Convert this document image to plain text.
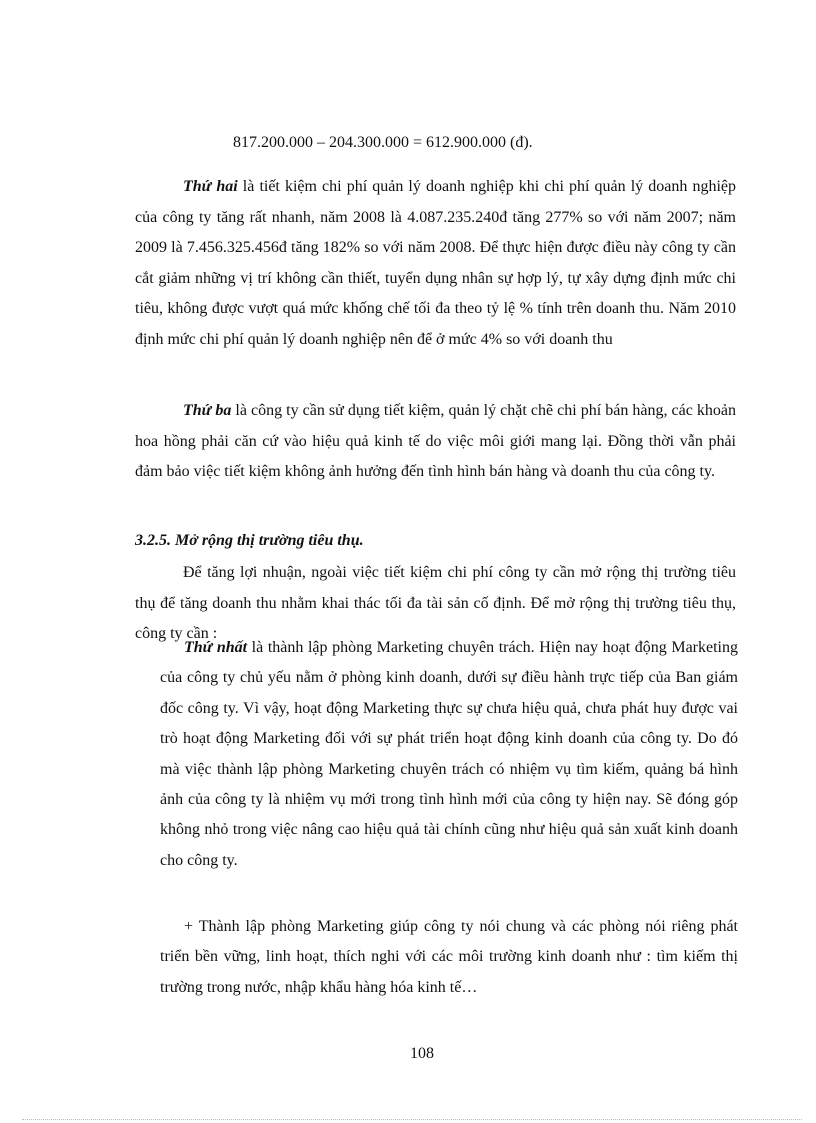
817.200.000 – 204.300.000 = 612.900.000 (đ).

Thứ hai là tiết kiệm chi phí quản lý doanh nghiệp khi chi phí quản lý doanh nghiệp của công ty tăng rất nhanh, năm 2008 là 4.087.235.240đ tăng 277% so với năm 2007; năm 2009 là 7.456.325.456đ tăng 182% so với năm 2008. Để thực hiện được điều này công ty cần cắt giảm những vị trí không cần thiết, tuyển dụng nhân sự hợp lý, tự xây dựng định mức chi tiêu, không được vượt quá mức khống chế tối đa theo tỷ lệ % tính trên doanh thu. Năm 2010 định mức chi phí quản lý doanh nghiệp nên để ở mức 4% so với doanh thu

Thứ ba là công ty cần sử dụng tiết kiệm, quản lý chặt chẽ chi phí bán hàng, các khoản hoa hồng phải căn cứ vào hiệu quả kinh tế do việc môi giới mang lại. Đồng thời vẫn phải đảm bảo việc tiết kiệm không ảnh hưởng đến tình hình bán hàng và doanh thu của công ty.

3.2.5. Mở rộng thị trường tiêu thụ.

Để tăng lợi nhuận, ngoài việc tiết kiệm chi phí công ty cần mở rộng thị trường tiêu thụ để tăng doanh thu nhằm khai thác tối đa tài sản cố định. Để mở rộng thị trường tiêu thụ, công ty cần :

Thứ nhất là thành lập phòng Marketing chuyên trách. Hiện nay hoạt động Marketing của công ty chủ yếu nằm ở phòng kinh doanh, dưới sự điều hành trực tiếp của Ban giám đốc công ty. Vì vậy, hoạt động Marketing thực sự chưa hiệu quả, chưa phát huy được vai trò hoạt động Marketing đối với sự phát triển hoạt động kinh doanh của công ty. Do đó mà việc thành lập phòng Marketing chuyên trách có nhiệm vụ tìm kiếm, quảng bá hình ảnh của công ty là nhiệm vụ mới trong tình hình mới của công ty hiện nay. Sẽ đóng góp không nhỏ trong việc nâng cao hiệu quả tài chính cũng như hiệu quả sản xuất kinh doanh cho công ty.

+ Thành lập phòng Marketing giúp công ty nói chung và các phòng nói riêng phát triển bền vững, linh hoạt, thích nghi với các môi trường kinh doanh như : tìm kiếm thị trường trong nước, nhập khẩu hàng hóa kinh tế…

108
